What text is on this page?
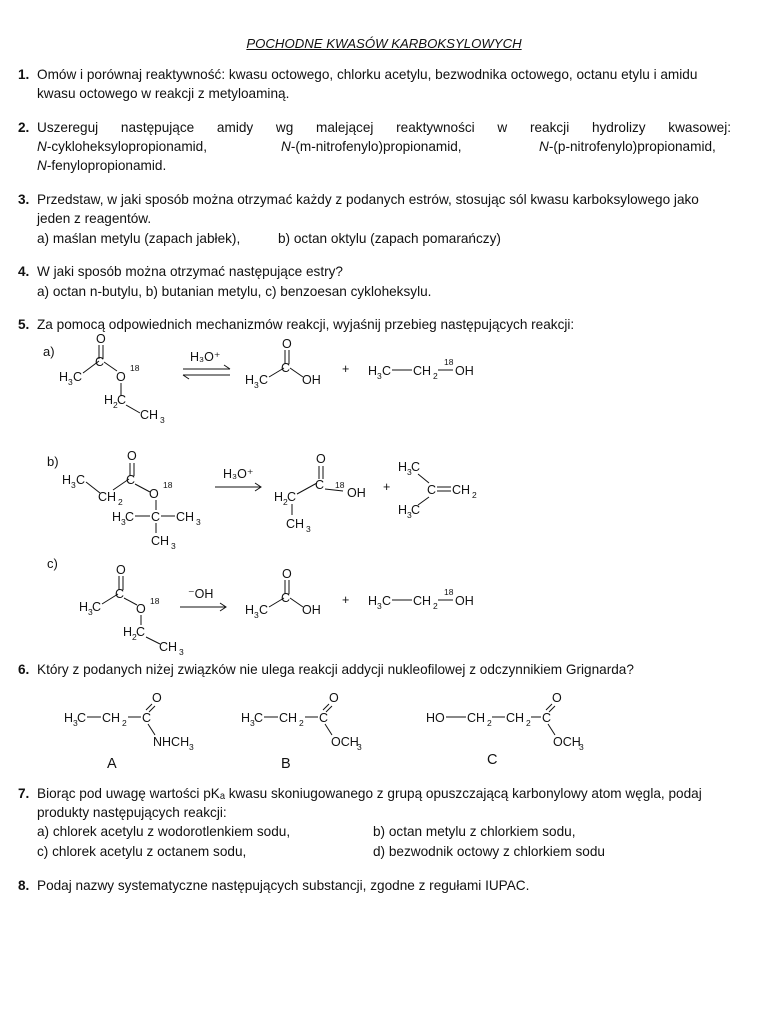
POCHODNE KWASÓW KARBOKSYLOWYCH
1. Omów i porównaj reaktywność: kwasu octowego, chlorku acetylu, bezwodnika octowego, octanu etylu i amidu
kwasu octowego w reakcji z metyloaminą.
2. Uszereguj następujące amidy wg malejącej reaktywności w reakcji hydrolizy kwasowej:
N-cykloheksylopropionamid,	N-(m-nitrofenylo)propionamid,	N-(p-nitrofenylo)propionamid,
N-fenylopropionamid.
3. Przedstaw, w jaki sposób można otrzymać każdy z podanych estrów, stosując sól kwasu karboksylowego jako
jeden z reagentów.
a) maślan metylu (zapach jabłek),	b) octan oktylu (zapach pomarańczy)
4. W jaki sposób można otrzymać następujące estry?
a) octan n-butylu, b) butanian metylu, c) benzoesan cykloheksylu.
5. Za pomocą odpowiednich mechanizmów reakcji, wyjaśnij przebieg następujących reakcji:
6. Który z podanych niżej związków nie ulega reakcji addycji nukleofilowej z odczynnikiem Grignarda?
7. Biorąc pod uwagę wartości pKₐ kwasu skoniugowanego z grupą opuszczającą karbonylowy atom węgla, podaj
produkty następujących reakcji:
a) chlorek acetylu z wodorotlenkiem sodu,	b) octan metylu z chlorkiem sodu,
c) chlorek acetylu z octanem sodu,	d) bezwodnik octowy z chlorkiem sodu
8. Podaj nazwy systematyczne następujących substancji, zgodne z regułami IUPAC.
a)
O
H 3 C
C
O
18
H 2 C
CH 3
H₃O⁺
O
H 3 C
C
OH
+ H 3 C CH 2
18
OH
b)	O
H 3 C
CH 2
C
O
18
H 3 C C CH 3
CH 3
H₃O⁺
O
H 2 C
C 18
OH
CH 3
+
H 3 C
C CH 2
H 3 C
c)	O
H 3 C
C
O
18
H 2 C
CH 3
⁻OH
O
H 3 C
C
OH
+ H 3 C CH 2
18
OH
H 3 C CH 2 C
O
NHCH 3
A
H 3 C CH 2 C
O
OCH
3
B
HO CH 2 CH 2 C
O
OCH
3
C
